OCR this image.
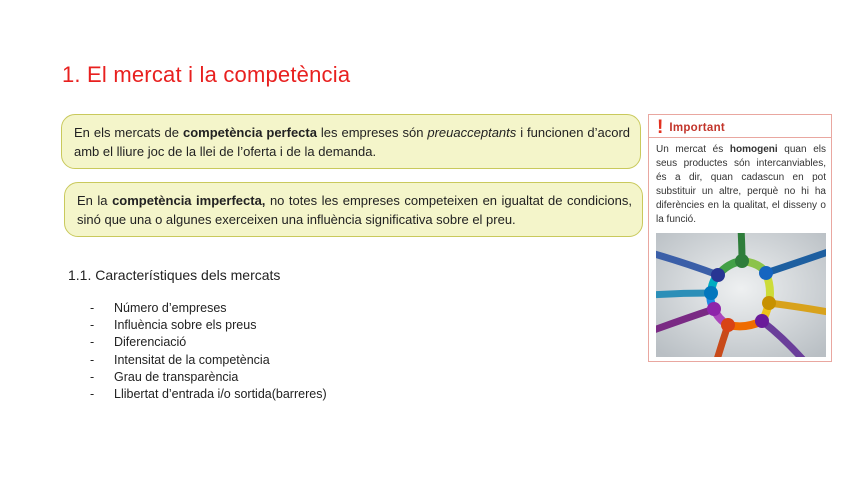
1. El mercat i la competència
En els mercats de competència perfecta les empreses són preuacceptants i funcionen d’acord amb el lliure joc de la llei de l’oferta i de la demanda.
En la competència imperfecta, no totes les empreses competeixen en igualtat de condicions, sinó que una o algunes exerceixen una influència significativa sobre el preu.
1.1. Característiques dels mercats
- Número d’empreses
- Influència sobre els preus
- Diferenciació
- Intensitat de la competència
- Grau de transparència
- Llibertat d’entrada i/o sortida(barreres)
! Important
Un mercat és homogeni quan els seus productes són intercanviables, és a dir, quan cadascun en pot substituir un altre, perquè no hi ha diferències en la qualitat, el disseny o la funció.
